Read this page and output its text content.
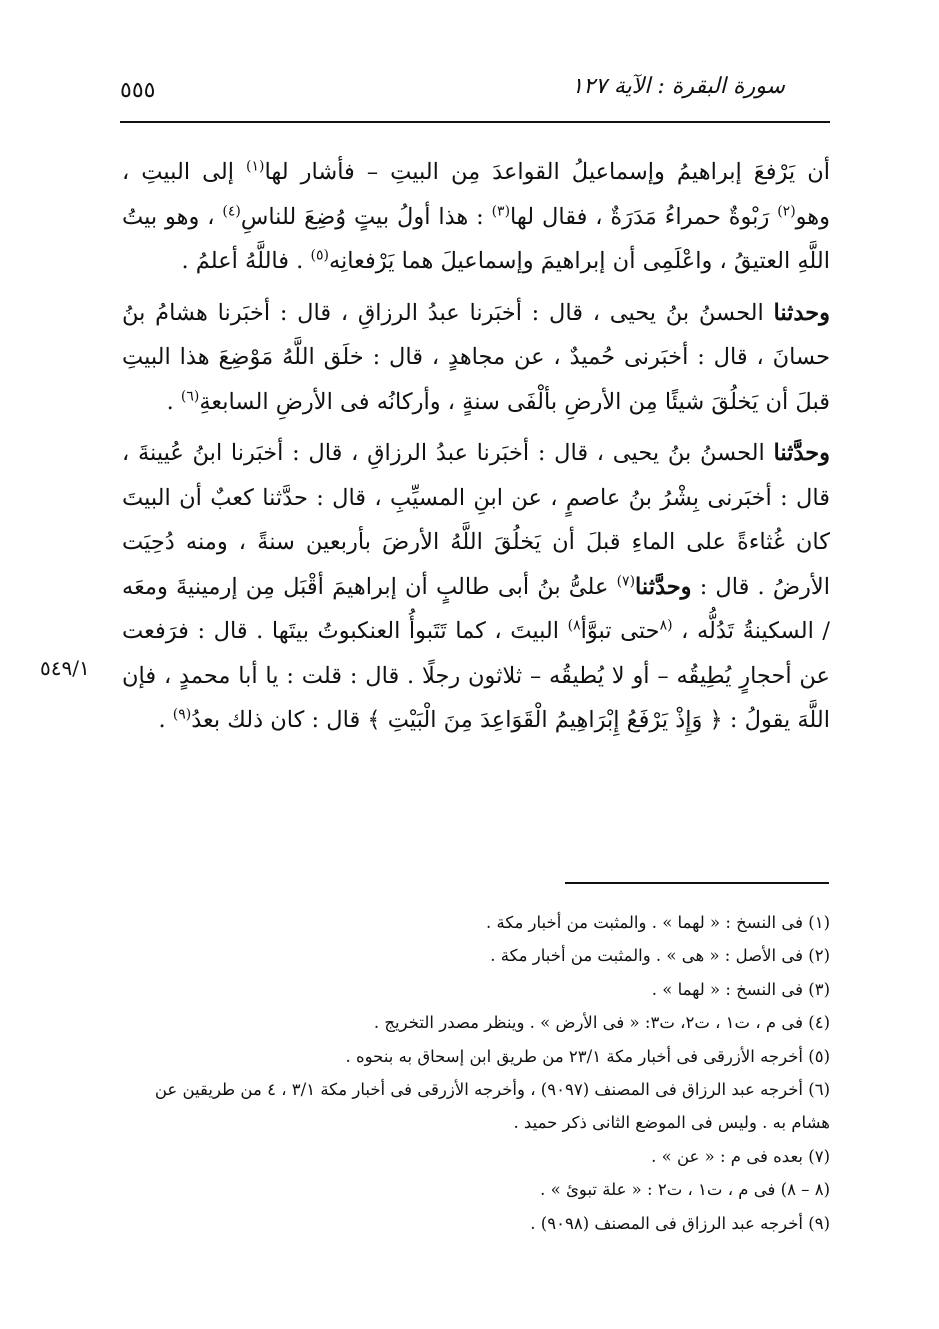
٥٥٥	سورة البقرة : الآية ١٢٧

أن يَرْفعَ إبراهيمُ وإسماعيلُ القواعدَ مِن البيتِ – فأشار لها$^{(١)}$ إلى البيتِ ، وهو$^{(٢)}$ رَبْوةٌ حمراءُ مَدَرَةٌ ، فقال لها$^{(٣)}$ : هذا أولُ بيتٍ وُضِعَ للناسِ$^{(٤)}$ ، وهو بيتُ اللَّهِ العتيقُ ، واعْلَمِى أن إبراهيمَ وإسماعيلَ هما يَرْفعانِه$^{(٥)}$ . فاللَّهُ أعلمُ .

وحدثنا الحسنُ بنُ يحيى ، قال : أخبَرنا عبدُ الرزاقِ ، قال : أخبَرنا هشامُ بنُ حسانَ ، قال : أخبَرنى حُميدٌ ، عن مجاهدٍ ، قال : خلَق اللَّهُ مَوْضِعَ هذا البيتِ قبلَ أن يَخلُقَ شيئًا مِن الأرضِ بألْفَى سنةٍ ، وأركانُه فى الأرضِ السابعةِ$^{(٦)}$ .

وحدَّثنا الحسنُ بنُ يحيى ، قال : أخبَرنا عبدُ الرزاقِ ، قال : أخبَرنا ابنُ عُيينةَ ، قال : أخبَرنى بِشْرُ بنُ عاصمٍ ، عن ابنِ المسيِّبِ ، قال : حدَّثنا كعبٌ أن البيتَ كان غُثاءةً على الماءِ قبلَ أن يَخلُقَ اللَّهُ الأرضَ بأربعين سنةً ، ومنه دُحِيَت الأرضُ . قال : وحدَّثنا$^{(٧)}$ علىُّ بنُ أبى طالبٍ أن إبراهيمَ أقْبَل مِن إرمينيةَ ومعَه / السكينةُ تَدُلُّه ، $^{(٨}$حتى تبوَّأ$^{٨)}$ البيتَ ، كما تَتَبوأُ العنكبوتُ بيتَها . قال : فرَفعت عن أحجارٍ يُطِيقُه – أو لا يُطيقُه – ثلاثون رجلًا . قال : قلت : يا أبا محمدٍ ، فإن اللَّهَ يقولُ : ﴿ وَإِذْ يَرْفَعُ إِبْرَاهِيمُ الْقَوَاعِدَ مِنَ الْبَيْتِ ﴾ قال : كان ذلك بعدُ$^{(٩)}$ .

٥٤٩/١

(١) فى النسخ : « لهما » . والمثبت من أخبار مكة .

(٢) فى الأصل : « هى » . والمثبت من أخبار مكة .

(٣) فى النسخ : « لهما » .

(٤) فى م ، ت١ ، ت٢، ت٣: « فى الأرض » . وينظر مصدر التخريج .

(٥) أخرجه الأزرقى فى أخبار مكة ٢٣/١ من طريق ابن إسحاق به بنحوه .

(٦) أخرجه عبد الرزاق فى المصنف (٩٠٩٧) ، وأخرجه الأزرقى فى أخبار مكة ٣/١ ، ٤ من طريقين عن هشام به . وليس فى الموضع الثانى ذكر حميد .

(٧) بعده فى م : « عن » .

(٨ – ٨) فى م ، ت١ ، ت٢ : « علة تبوئ » .

(٩) أخرجه عبد الرزاق فى المصنف (٩٠٩٨) .
